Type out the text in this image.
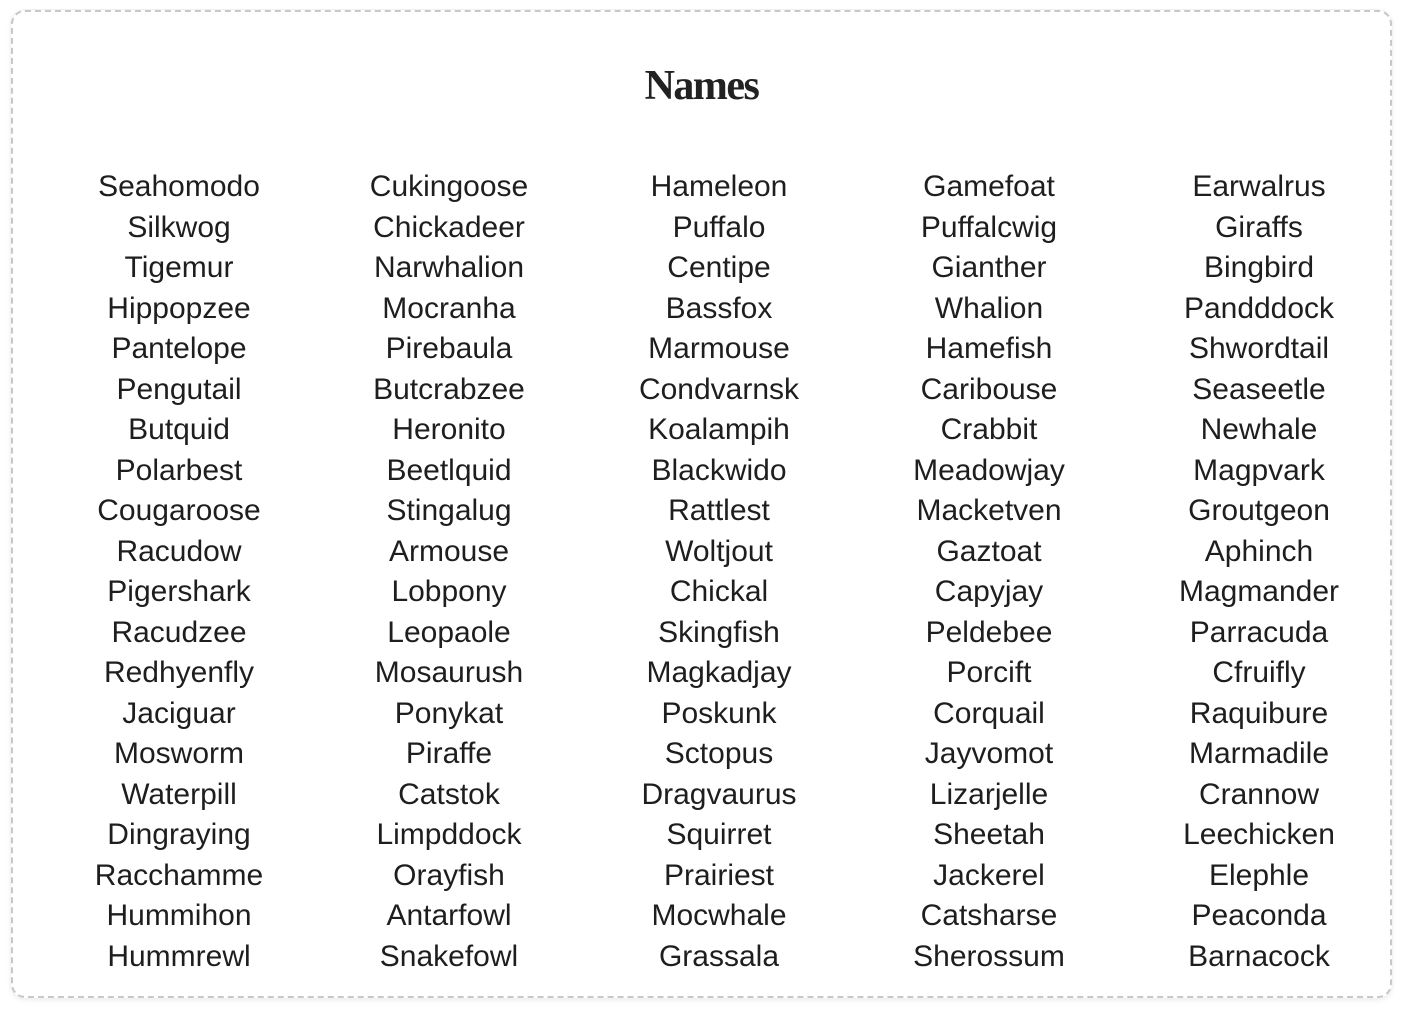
Names
Seahomodo
Silkwog
Tigemur
Hippopzee
Pantelope
Pengutail
Butquid
Polarbest
Cougaroose
Racudow
Pigershark
Racudzee
Redhyenfly
Jaciguar
Mosworm
Waterpill
Dingraying
Racchamme
Hummihon
Hummrewl
Cukingoose
Chickadeer
Narwhalion
Mocranha
Pirebaula
Butcrabzee
Heronito
Beetlquid
Stingalug
Armouse
Lobpony
Leopaole
Mosaurush
Ponykat
Piraffe
Catstok
Limpddock
Orayfish
Antarfowl
Snakefowl
Hameleon
Puffalo
Centipe
Bassfox
Marmouse
Condvarnsk
Koalampih
Blackwido
Rattlest
Woltjout
Chickal
Skingfish
Magkadjay
Poskunk
Sctopus
Dragvaurus
Squirret
Prairiest
Mocwhale
Grassala
Gamefoat
Puffalcwig
Gianther
Whalion
Hamefish
Caribouse
Crabbit
Meadowjay
Macketven
Gaztoat
Capyjay
Peldebee
Porcift
Corquail
Jayvomot
Lizarjelle
Sheetah
Jackerel
Catsharse
Sherossum
Earwalrus
Giraffs
Bingbird
Pandddock
Shwordtail
Seaseetle
Newhale
Magpvark
Groutgeon
Aphinch
Magmander
Parracuda
Cfruifly
Raquibure
Marmadile
Crannow
Leechicken
Elephle
Peaconda
Barnacock
